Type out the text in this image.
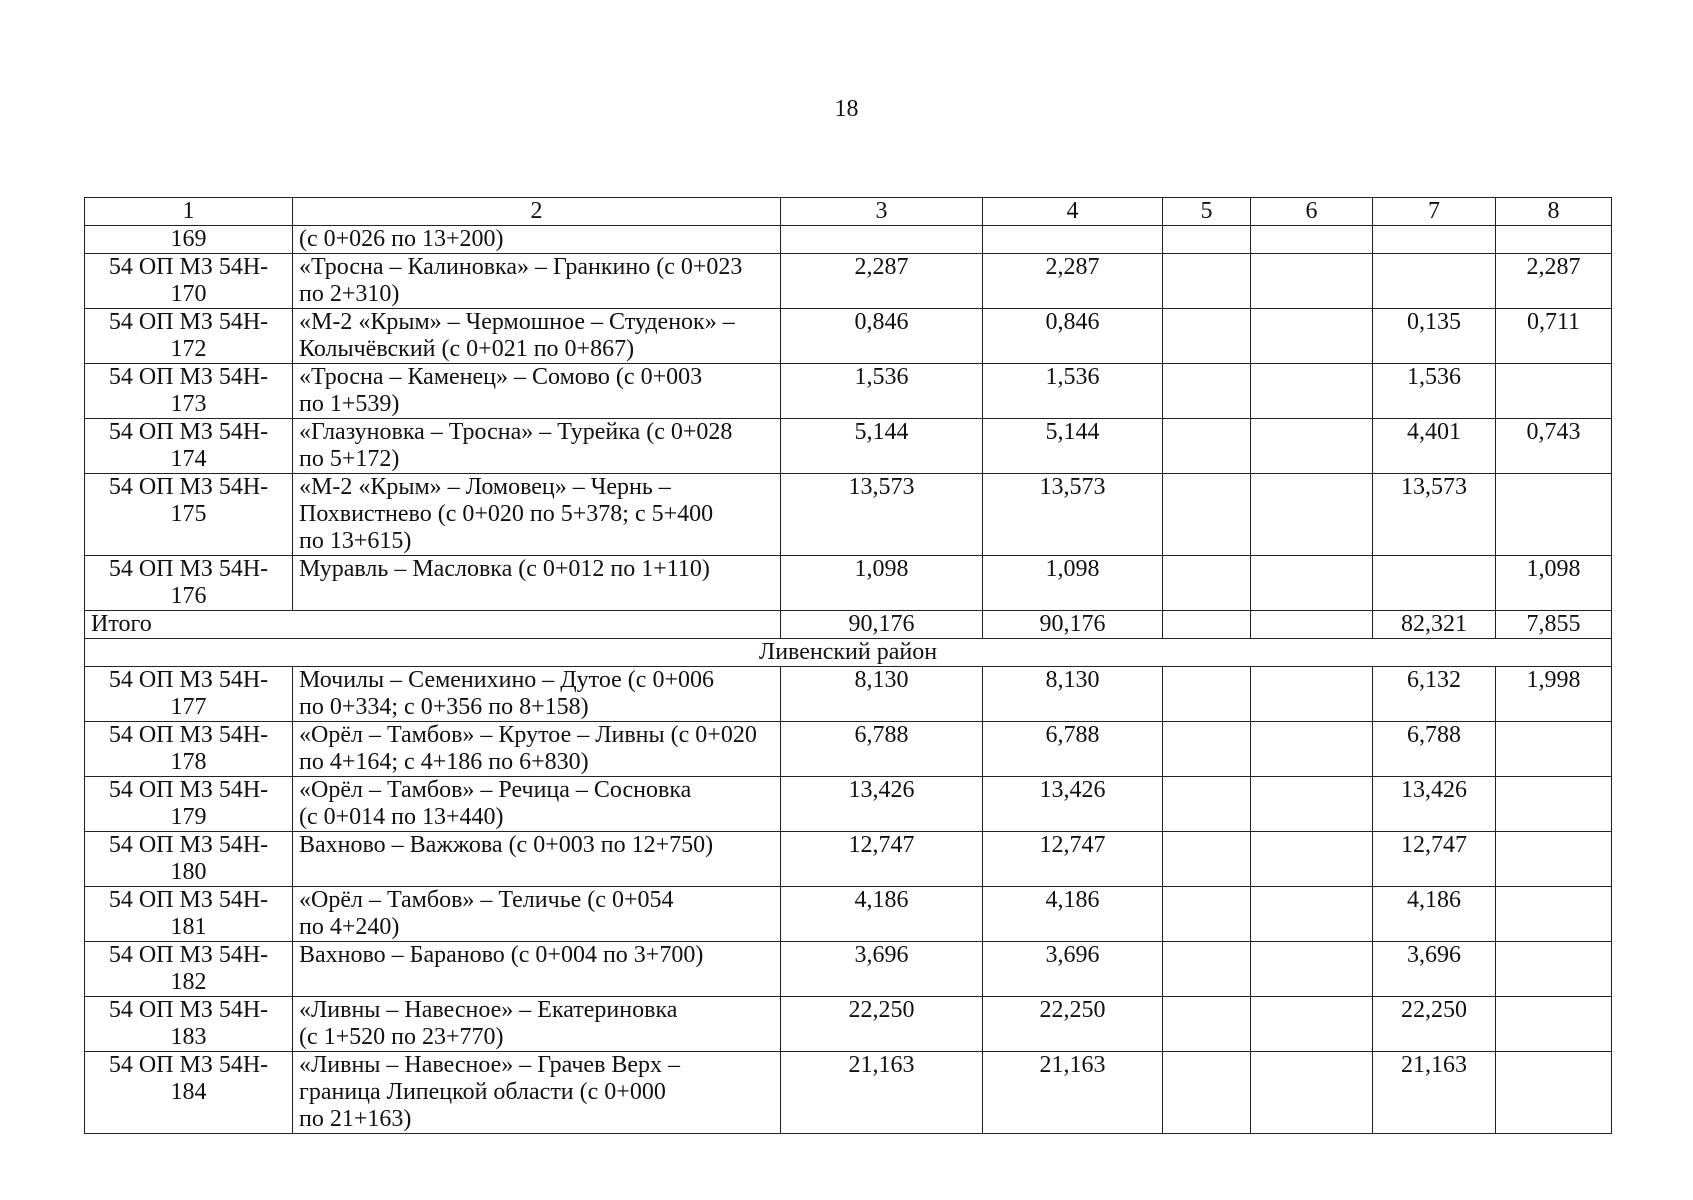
18
1	2	3	4	5	6	7	8

169	(с 0+026 по 13+200)						

54 ОП МЗ 54Н-
170	«Тросна – Калиновка» – Гранкино (с 0+023
по 2+310)	2,287	2,287				2,287

54 ОП МЗ 54Н-
172	«М-2 «Крым» – Чермошное – Студенок» –
Колычёвский (с 0+021 по 0+867)	0,846	0,846			0,135	0,711

54 ОП МЗ 54Н-
173	«Тросна – Каменец» – Сомово (с 0+003
по 1+539)	1,536	1,536			1,536	

54 ОП МЗ 54Н-
174	«Глазуновка – Тросна» – Турейка (с 0+028
по 5+172)	5,144	5,144			4,401	0,743

54 ОП МЗ 54Н-
175	«М-2 «Крым» – Ломовец» – Чернь –
Похвистнево (с 0+020 по 5+378; с 5+400
по 13+615)	13,573	13,573			13,573	

54 ОП МЗ 54Н-
176	Муравль – Масловка (с 0+012 по 1+110)	1,098	1,098				1,098
Итого		90,176	90,176			82,321	7,855
Ливенский район							

54 ОП МЗ 54Н-
177	Мочилы – Семенихино – Дутое (с 0+006
по 0+334; с 0+356 по 8+158)	8,130	8,130			6,132	1,998

54 ОП МЗ 54Н-
178	«Орёл – Тамбов» – Крутое – Ливны (с 0+020
по 4+164; с 4+186 по 6+830)	6,788	6,788			6,788	

54 ОП МЗ 54Н-
179	«Орёл – Тамбов» – Речица – Сосновка
(с 0+014 по 13+440)	13,426	13,426			13,426	

54 ОП МЗ 54Н-
180	Вахново – Важжова (с 0+003 по 12+750)	12,747	12,747			12,747	

54 ОП МЗ 54Н-
181	«Орёл – Тамбов» – Теличье (с 0+054
по 4+240)	4,186	4,186			4,186	

54 ОП МЗ 54Н-
182	Вахново – Бараново (с 0+004 по 3+700)	3,696	3,696			3,696	

54 ОП МЗ 54Н-
183	«Ливны – Навесное» – Екатериновка
(с 1+520 по 23+770)	22,250	22,250			22,250	

54 ОП МЗ 54Н-
184	«Ливны – Навесное» – Грачев Верх –
граница Липецкой области (с 0+000
по 21+163)	21,163	21,163			21,163	
